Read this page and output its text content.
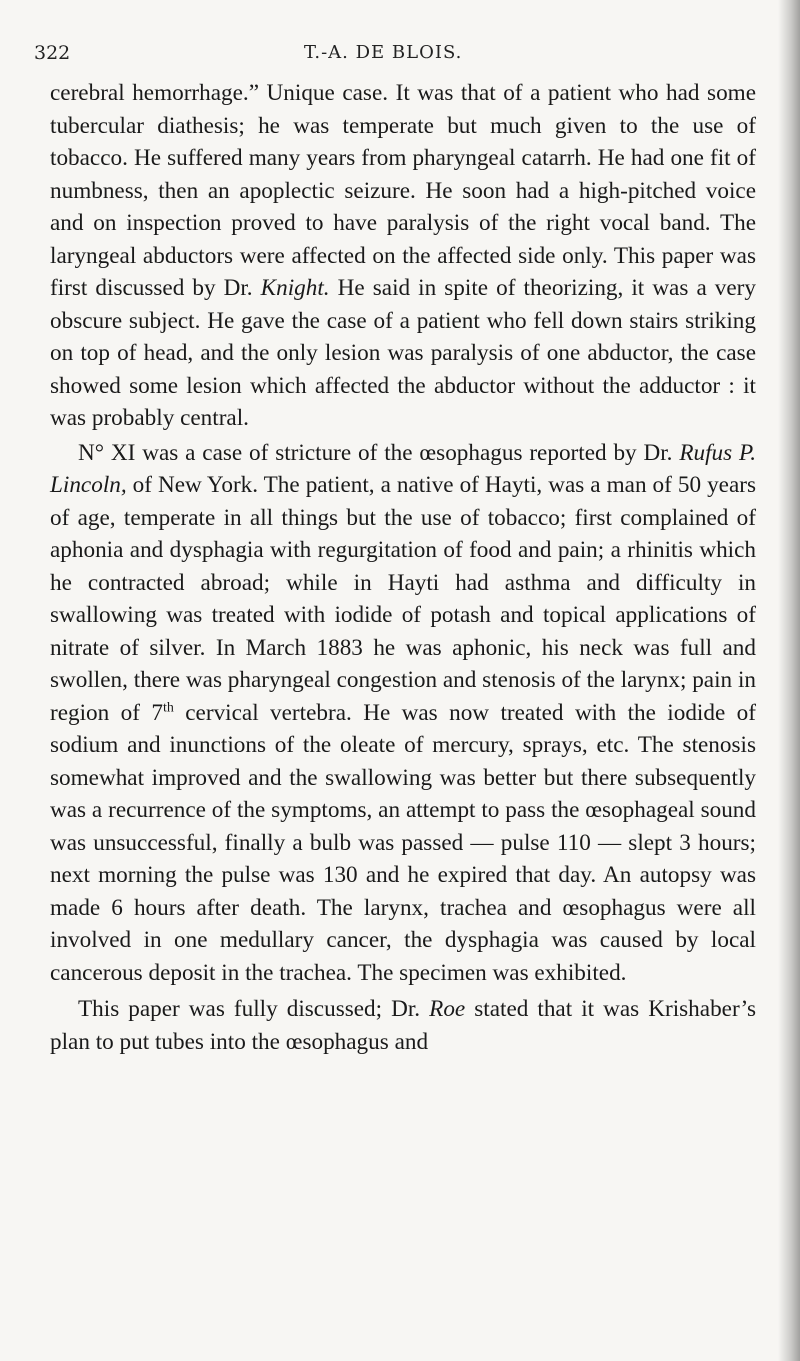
322	T.-A. DE BLOIS.

cerebral hemorrhage.” Unique case. It was that of a patient who had some tubercular diathesis; he was temperate but much given to the use of tobacco. He suffered many years from pharyngeal catarrh. He had one fit of numbness, then an apoplectic seizure. He soon had a high-pitched voice and on inspection proved to have paralysis of the right vocal band. The laryngeal abductors were affected on the affected side only. This paper was first discussed by Dr. Knight. He said in spite of theorizing, it was a very obscure subject. He gave the case of a patient who fell down stairs striking on top of head, and the only lesion was paralysis of one abductor, the case showed some lesion which affected the abductor without the adductor : it was probably central.

N° XI was a case of stricture of the œsophagus reported by Dr. Rufus P. Lincoln, of New York. The patient, a native of Hayti, was a man of 50 years of age, temperate in all things but the use of tobacco; first complained of aphonia and dysphagia with regurgitation of food and pain; a rhinitis which he contracted abroad; while in Hayti had asthma and difficulty in swallowing was treated with iodide of potash and topical applications of nitrate of silver. In March 1883 he was aphonic, his neck was full and swollen, there was pharyngeal congestion and stenosis of the larynx; pain in region of 7th cervical vertebra. He was now treated with the iodide of sodium and inunctions of the oleate of mercury, sprays, etc. The stenosis somewhat improved and the swallowing was better but there subsequently was a recurrence of the symptoms, an attempt to pass the œsophageal sound was unsuccessful, finally a bulb was passed — pulse 110 — slept 3 hours; next morning the pulse was 130 and he expired that day. An autopsy was made 6 hours after death. The larynx, trachea and œsophagus were all involved in one medullary cancer, the dysphagia was caused by local cancerous deposit in the trachea. The specimen was exhibited.

This paper was fully discussed; Dr. Roe stated that it was Krishaber’s plan to put tubes into the œsophagus and
